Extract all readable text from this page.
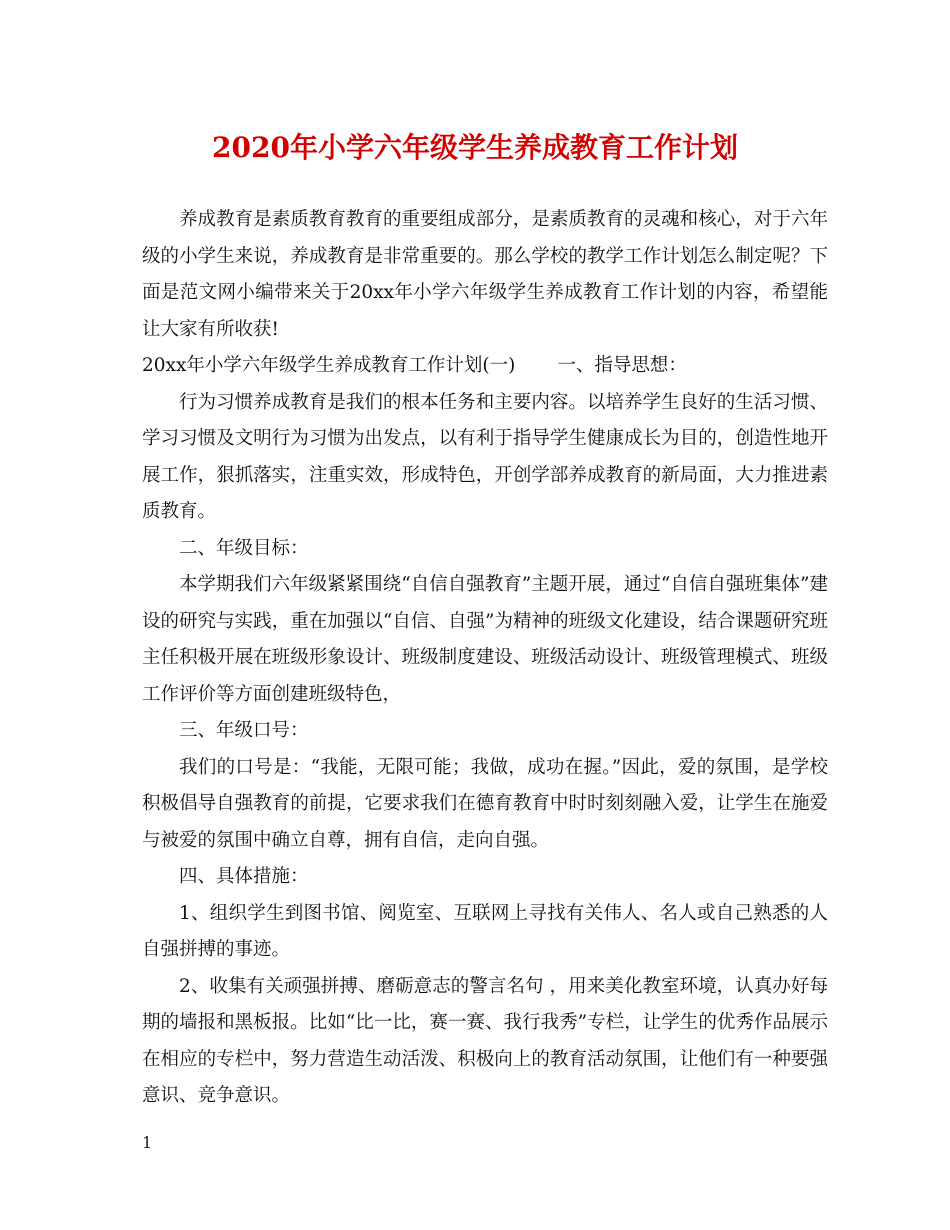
2020年小学六年级学生养成教育工作计划

养成教育是素质教育教育的重要组成部分，是素质教育的灵魂和核心，对于六年级的小学生来说，养成教育是非常重要的。那么学校的教学工作计划怎么制定呢？下面是范文网小编带来关于20xx年小学六年级学生养成教育工作计划的内容，希望能让大家有所收获!

20xx年小学六年级学生养成教育工作计划(一) 一、指导思想：

行为习惯养成教育是我们的根本任务和主要内容。以培养学生良好的生活习惯、学习习惯及文明行为习惯为出发点，以有利于指导学生健康成长为目的，创造性地开展工作，狠抓落实，注重实效，形成特色，开创学部养成教育的新局面，大力推进素质教育。

二、年级目标：

本学期我们六年级紧紧围绕“自信自强教育”主题开展，通过“自信自强班集体”建设的研究与实践，重在加强以“自信、自强”为精神的班级文化建设，结合课题研究班主任积极开展在班级形象设计、班级制度建设、班级活动设计、班级管理模式、班级工作评价等方面创建班级特色，

三、年级口号：

我们的口号是：“我能，无限可能；我做，成功在握。”因此，爱的氛围，是学校积极倡导自强教育的前提，它要求我们在德育教育中时时刻刻融入爱，让学生在施爱与被爱的氛围中确立自尊，拥有自信，走向自强。

四、具体措施：

1、组织学生到图书馆、阅览室、互联网上寻找有关伟人、名人或自己熟悉的人自强拼搏的事迹。

2、收集有关顽强拼搏、磨砺意志的警言名句 ，用来美化教室环境，认真办好每期的墙报和黑板报。比如“比一比，赛一赛、我行我秀”专栏，让学生的优秀作品展示在相应的专栏中，努力营造生动活泼、积极向上的教育活动氛围，让他们有一种要强意识、竞争意识。

1
